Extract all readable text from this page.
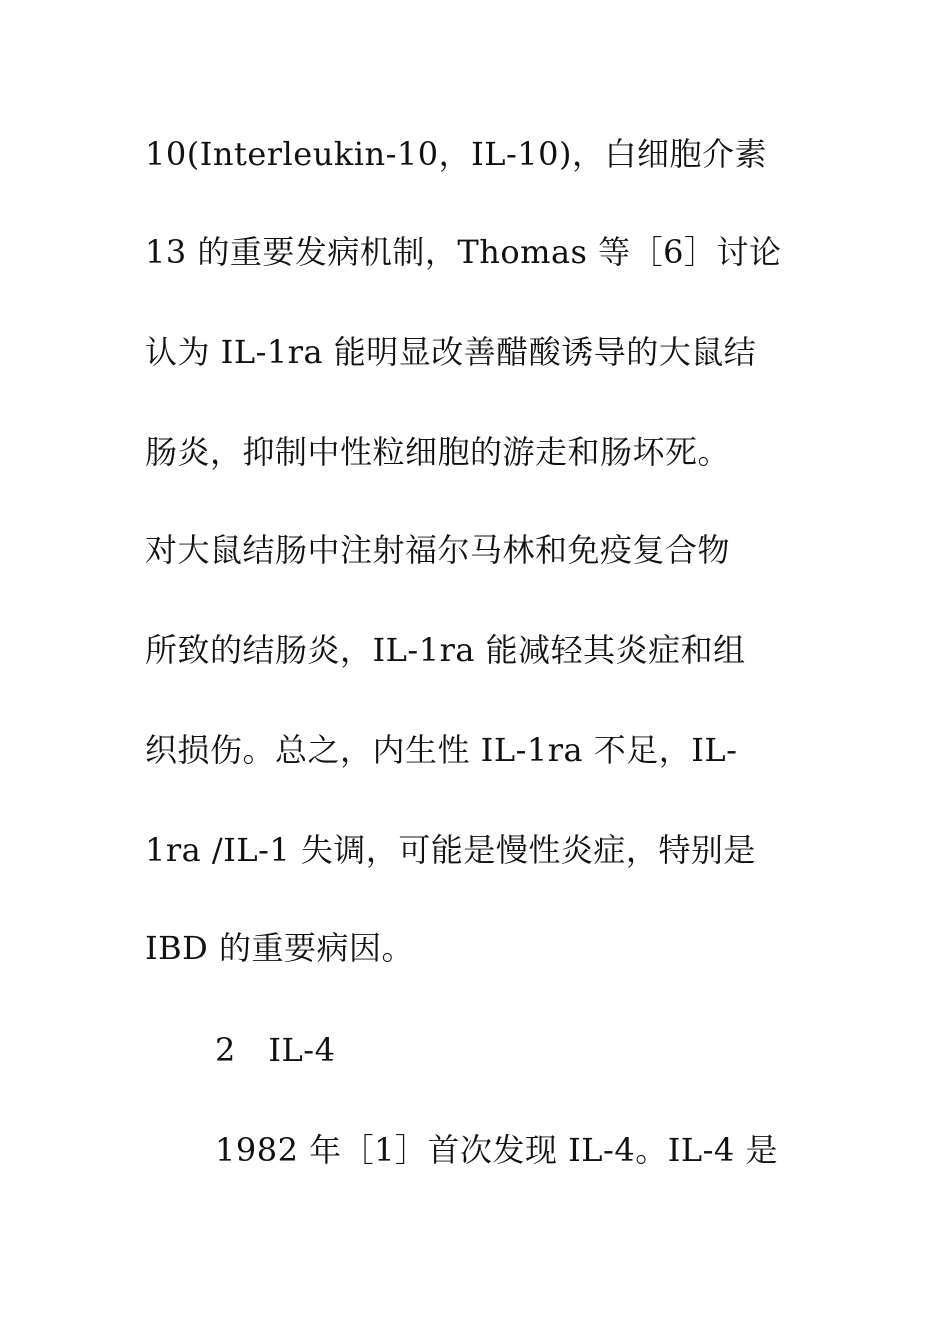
10(Interleukin-10，IL-10)，白细胞介素
13 的重要发病机制，Thomas 等［6］讨论
认为 IL-1ra 能明显改善醋酸诱导的大鼠结
肠炎，抑制中性粒细胞的游走和肠坏死。
对大鼠结肠中注射福尔马林和免疫复合物
所致的结肠炎，IL-1ra 能减轻其炎症和组
织损伤。总之，内生性 IL-1ra 不足，IL-
1ra /IL-1 失调，可能是慢性炎症，特别是
IBD 的重要病因。
2　IL-4
1982 年［1］首次发现 IL-4。IL-4 是
